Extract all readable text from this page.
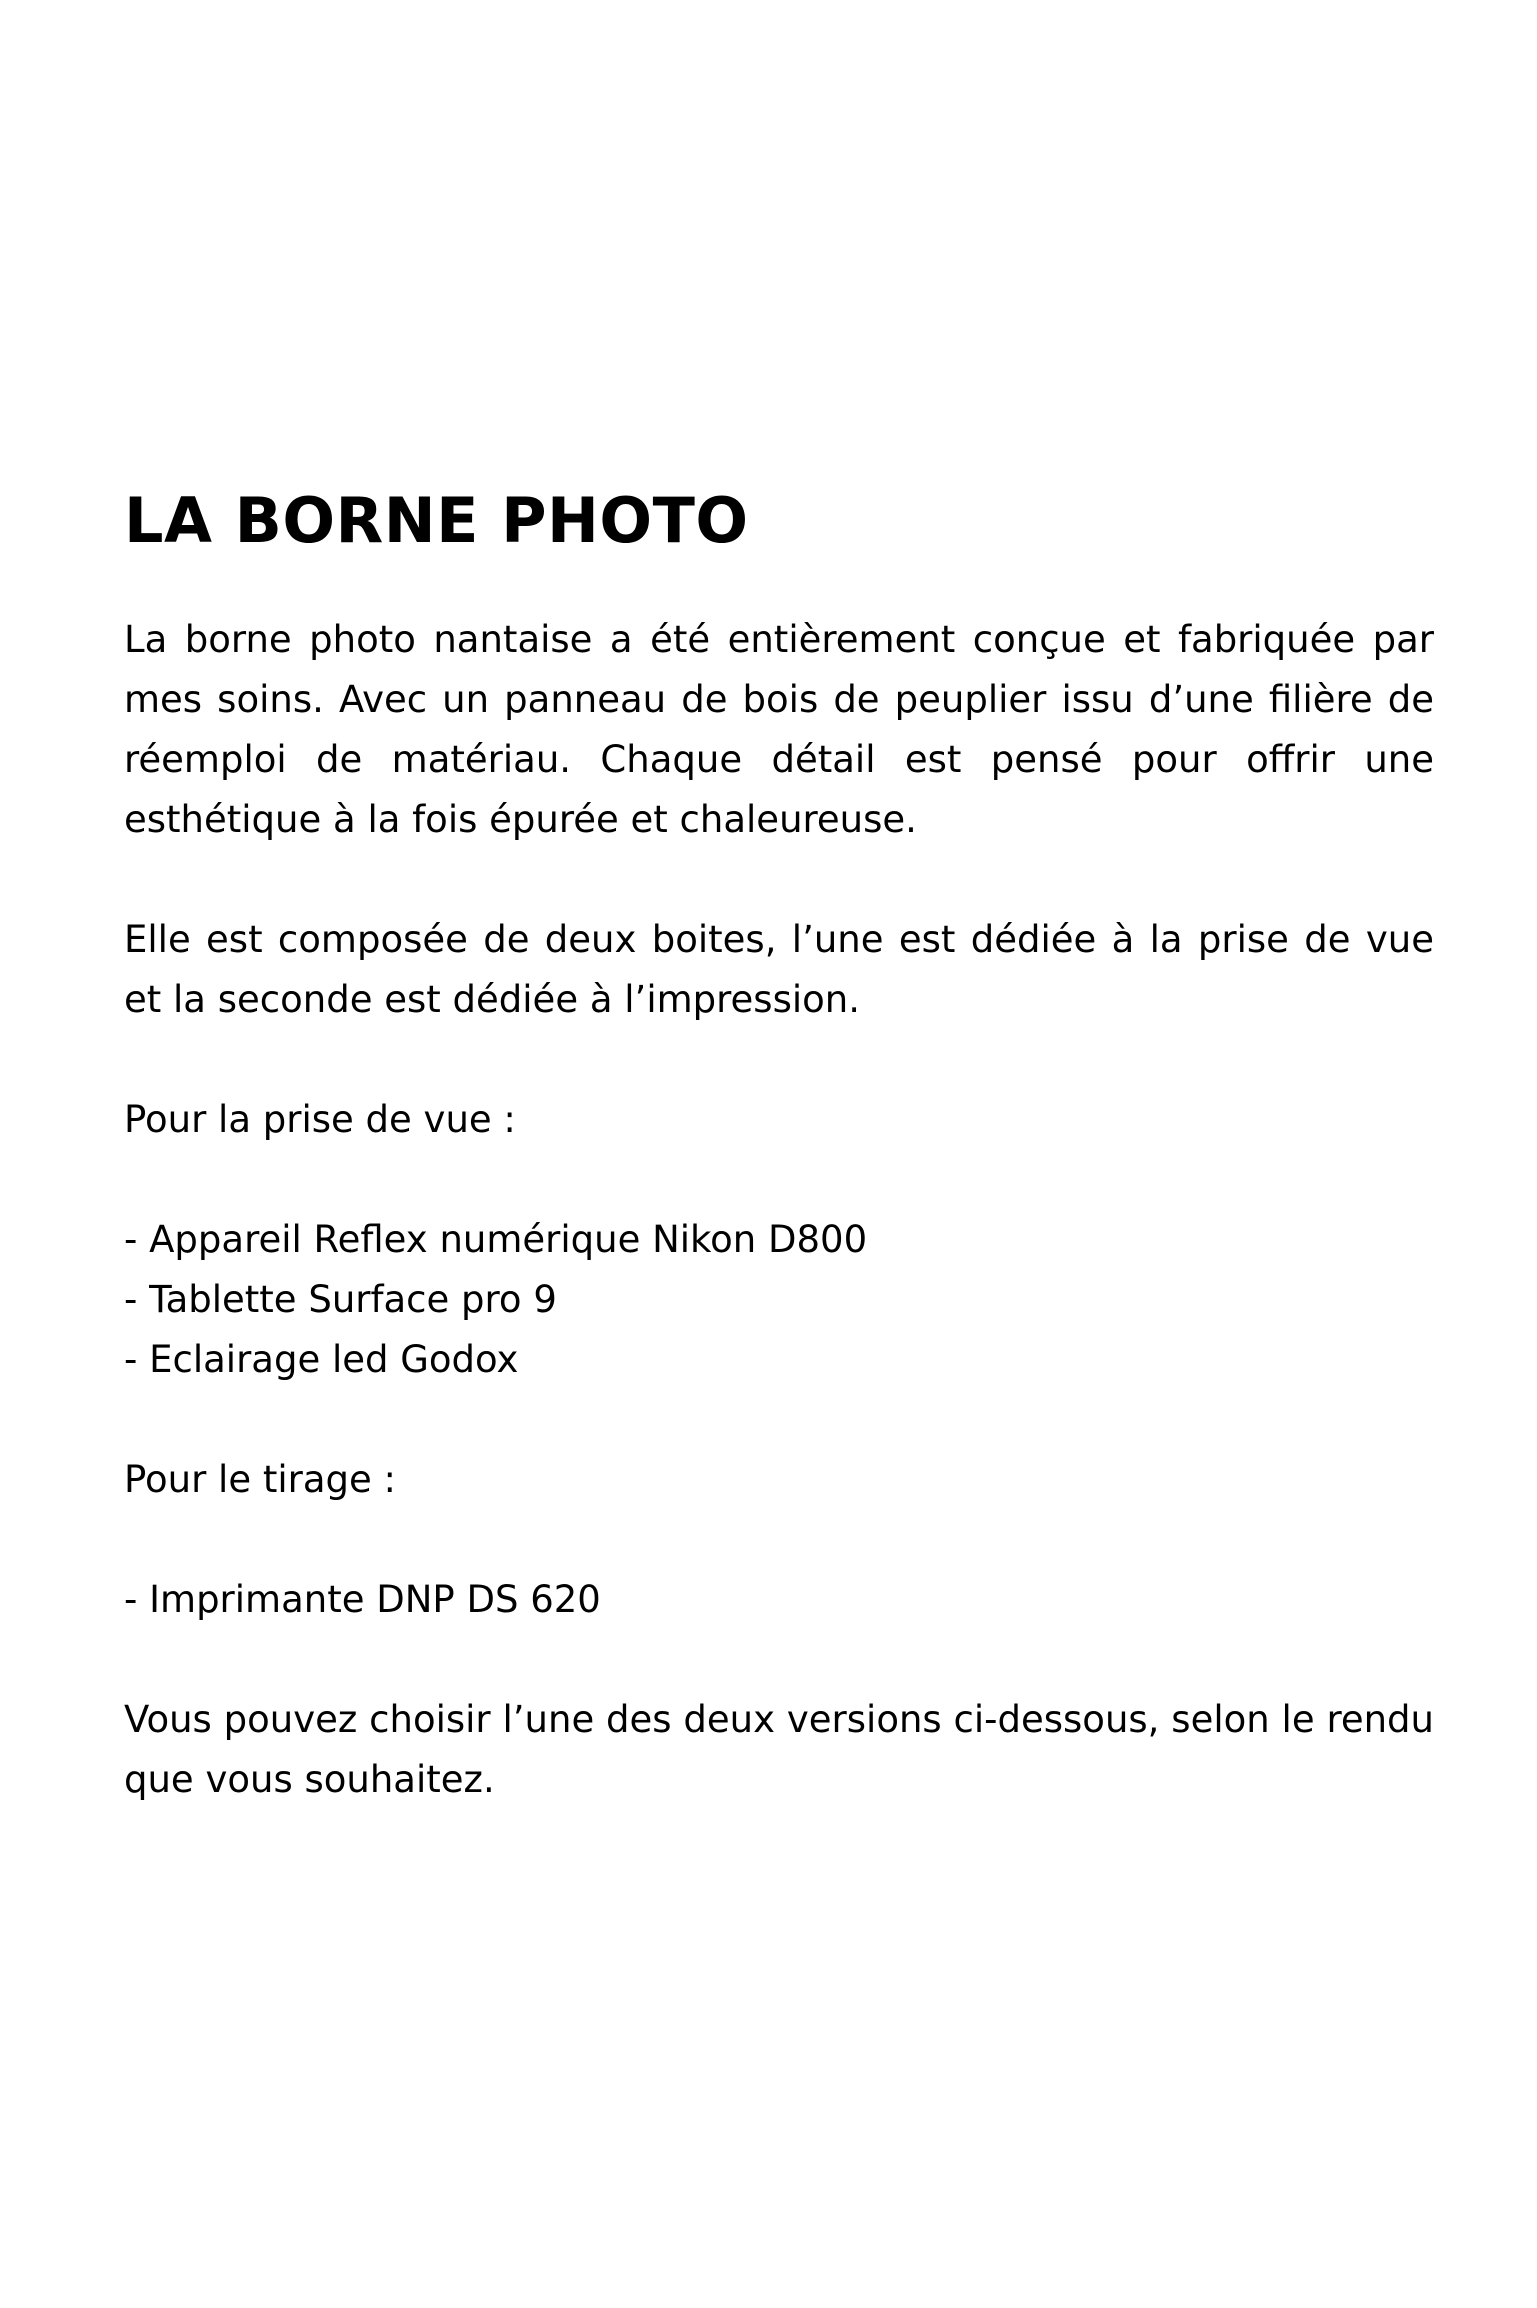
LA BORNE PHOTO

La borne photo nantaise a été entièrement conçue et fabriquée par mes soins. Avec un panneau de bois de peuplier issu d’une filière de réemploi de matériau. Chaque détail est pensé pour offrir une esthétique à la fois épurée et chaleureuse.

Elle est composée de deux boites, l’une est dédiée à la prise de vue et la seconde est dédiée à l’impression.

Pour la prise de vue :

- Appareil Reflex numérique Nikon D800
- Tablette Surface pro 9
- Eclairage led Godox

Pour le tirage :

- Imprimante DNP DS 620

Vous pouvez choisir l’une des deux versions ci-dessous, selon le rendu que vous souhaitez.
